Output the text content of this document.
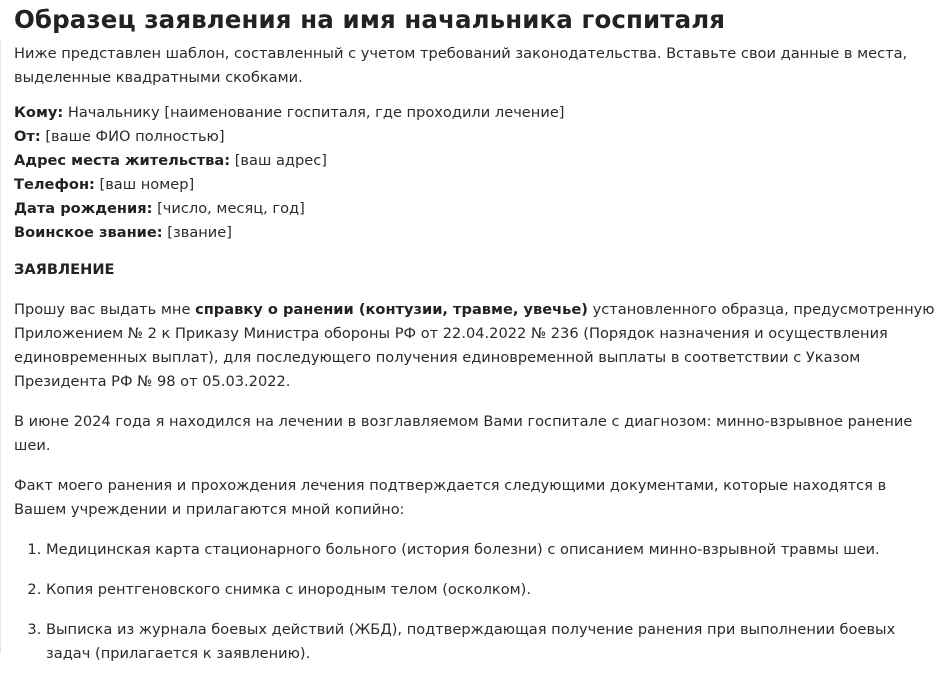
Образец заявления на имя начальника госпиталя

Ниже представлен шаблон, составленный с учетом требований законодательства. Вставьте свои данные в места, выделенные квадратными скобками.

Кому: Начальнику [наименование госпиталя, где проходили лечение]
От: [ваше ФИО полностью]
Адрес места жительства: [ваш адрес]
Телефон: [ваш номер]
Дата рождения: [число, месяц, год]
Воинское звание: [звание]

ЗАЯВЛЕНИЕ

Прошу вас выдать мне справку о ранении (контузии, травме, увечье) установленного образца, предусмотренную Приложением № 2 к Приказу Министра обороны РФ от 22.04.2022 № 236 (Порядок назначения и осуществления единовременных выплат), для последующего получения единовременной выплаты в соответствии с Указом Президента РФ № 98 от 05.03.2022.

В июне 2024 года я находился на лечении в возглавляемом Вами госпитале с диагнозом: минно-взрывное ранение шеи.

Факт моего ранения и прохождения лечения подтверждается следующими документами, которые находятся в Вашем учреждении и прилагаются мной копийно:

1. Медицинская карта стационарного больного (история болезни) с описанием минно-взрывной травмы шеи.
2. Копия рентгеновского снимка с инородным телом (осколком).
3. Выписка из журнала боевых действий (ЖБД), подтверждающая получение ранения при выполнении боевых задач (прилагается к заявлению).
